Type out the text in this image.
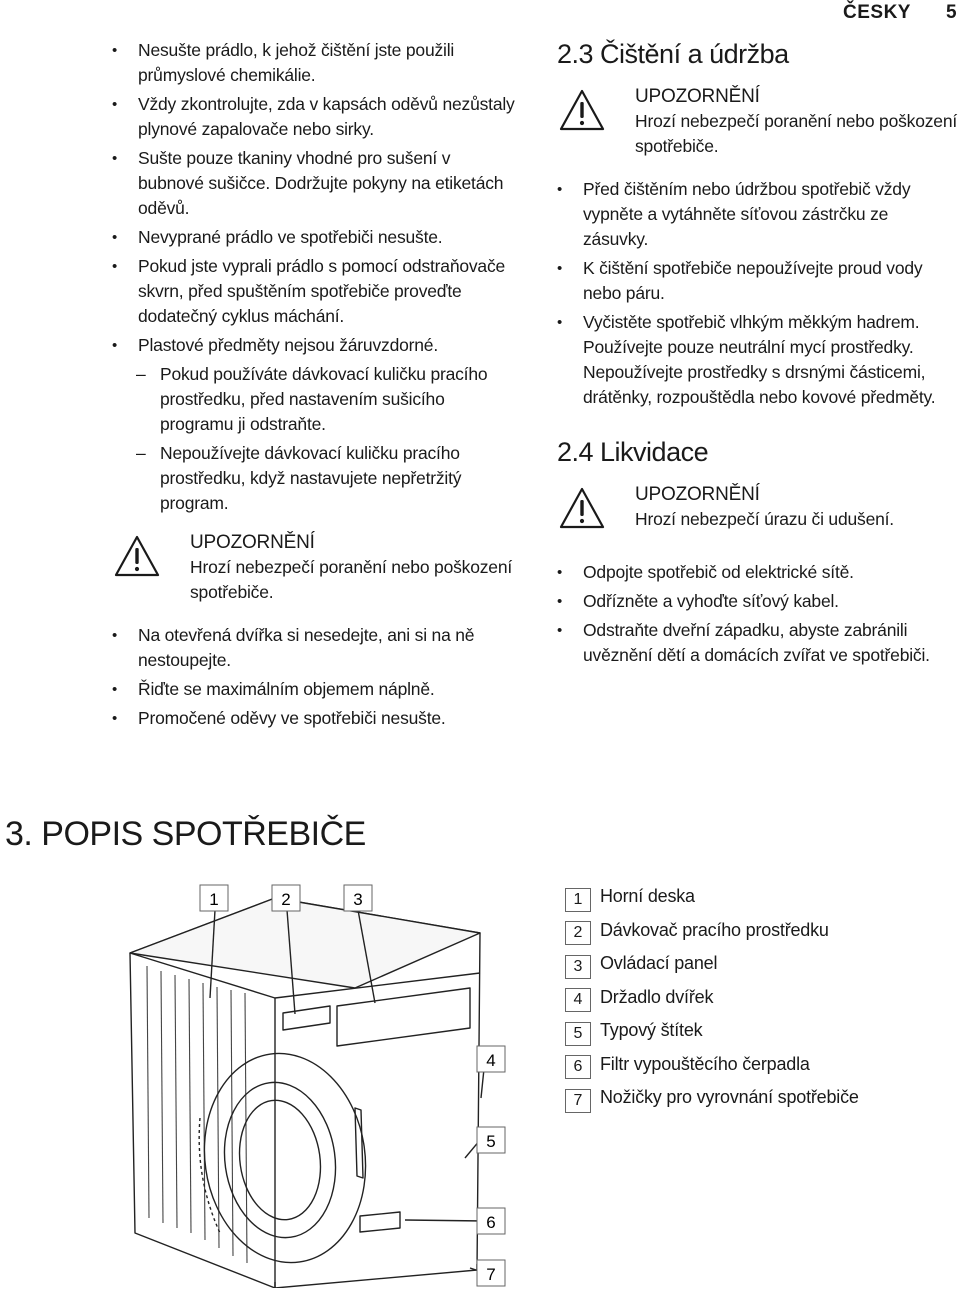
ČESKY 5
• Nesušte prádlo, k jehož čištění jste použili průmyslové chemikálie.
• Vždy zkontrolujte, zda v kapsách oděvů nezůstaly plynové zapalovače nebo sirky.
• Sušte pouze tkaniny vhodné pro sušení v bubnové sušičce. Dodržujte pokyny na etiketách oděvů.
• Nevyprané prádlo ve spotřebiči nesušte.
• Pokud jste vyprali prádlo s pomocí odstraňovače skvrn, před spuštěním spotřebiče proveďte dodatečný cyklus máchání.
• Plastové předměty nejsou žáruvzdorné.
– Pokud používáte dávkovací kuličku pracího prostředku, před nastavením sušicího programu ji odstraňte.
– Nepoužívejte dávkovací kuličku pracího prostředku, když nastavujete nepřetržitý program.
UPOZORNĚNÍ
Hrozí nebezpečí poranění nebo poškození spotřebiče.
• Na otevřená dvířka si nesedejte, ani si na ně nestoupejte.
• Řiďte se maximálním objemem náplně.
• Promočené oděvy ve spotřebiči nesušte.
2.3 Čištění a údržba
UPOZORNĚNÍ
Hrozí nebezpečí poranění nebo poškození spotřebiče.
• Před čištěním nebo údržbou spotřebič vždy vypněte a vytáhněte síťovou zástrčku ze zásuvky.
• K čištění spotřebiče nepoužívejte proud vody nebo páru.
• Vyčistěte spotřebič vlhkým měkkým hadrem. Používejte pouze neutrální mycí prostředky. Nepoužívejte prostředky s drsnými částicemi, drátěnky, rozpouštědla nebo kovové předměty.
2.4 Likvidace
UPOZORNĚNÍ
Hrozí nebezpečí úrazu či udušení.
• Odpojte spotřebič od elektrické sítě.
• Odřízněte a vyhoďte síťový kabel.
• Odstraňte dveřní západku, abyste zabránili uvěznění dětí a domácích zvířat ve spotřebiči.
3. POPIS SPOTŘEBIČE
1	2	3
4
5
6
7
1 Horní deska
2 Dávkovač pracího prostředku
3 Ovládací panel
4 Držadlo dvířek
5 Typový štítek
6 Filtr vypouštěcího čerpadla
7 Nožičky pro vyrovnání spotřebiče
